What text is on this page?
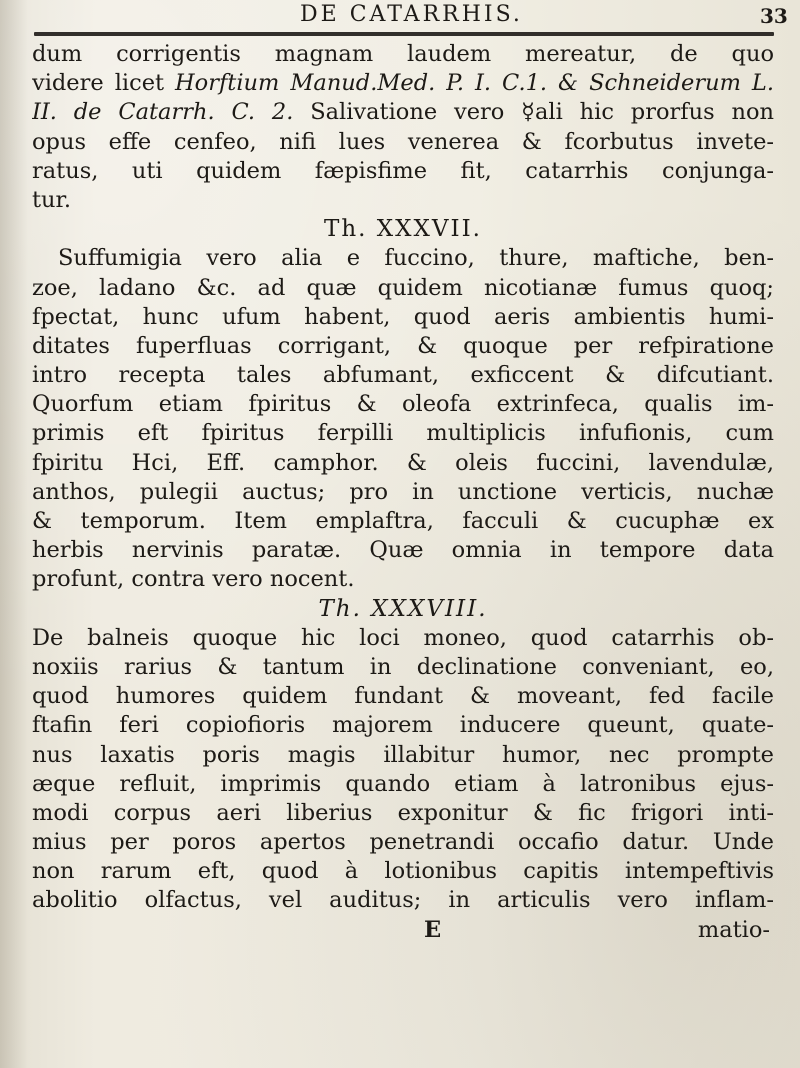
DE CATARRHIS.	33
dum corrigentis magnam laudem mereatur, de quo
videre licet Horftium Manud.Med. P. I. C.1. & Schneiderum L.
II. de Catarrh. C. 2. Salivatione vero ☿ali hic prorfus non
opus effe cenfeo, nifi lues venerea & fcorbutus invete-
ratus, uti quidem fæpisfime fit, catarrhis conjunga-
tur.
Th. XXXVII.
Suffumigia vero alia e fuccino, thure, maftiche, ben-
zoe, ladano &c. ad quæ quidem nicotianæ fumus quoq;
fpectat, hunc ufum habent, quod aeris ambientis humi-
ditates fuperfluas corrigant, & quoque per refpiratione
intro recepta tales abfumant, exficcent & difcutiant.
Quorfum etiam fpiritus & oleofa extrinfeca, qualis im-
primis eft fpiritus ferpilli multiplicis infufionis, cum
fpiritu Hci, Eff. camphor. & oleis fuccini, lavendulæ,
anthos, pulegii auctus; pro in unctione verticis, nuchæ
& temporum. Item emplaftra, facculi & cucuphæ ex
herbis nervinis paratæ. Quæ omnia in tempore data
profunt, contra vero nocent.
Th. XXXVIII.
De balneis quoque hic loci moneo, quod catarrhis ob-
noxiis rarius & tantum in declinatione conveniant, eo,
quod humores quidem fundant & moveant, fed facile
ftafin feri copiofioris majorem inducere queunt, quate-
nus laxatis poris magis illabitur humor, nec prompte
æque refluit, imprimis quando etiam à latronibus ejus-
modi corpus aeri liberius exponitur & fic frigori inti-
mius per poros apertos penetrandi occafio datur. Unde
non rarum eft, quod à lotionibus capitis intempeftivis
abolitio olfactus, vel auditus; in articulis vero inflam-
E	matio-
